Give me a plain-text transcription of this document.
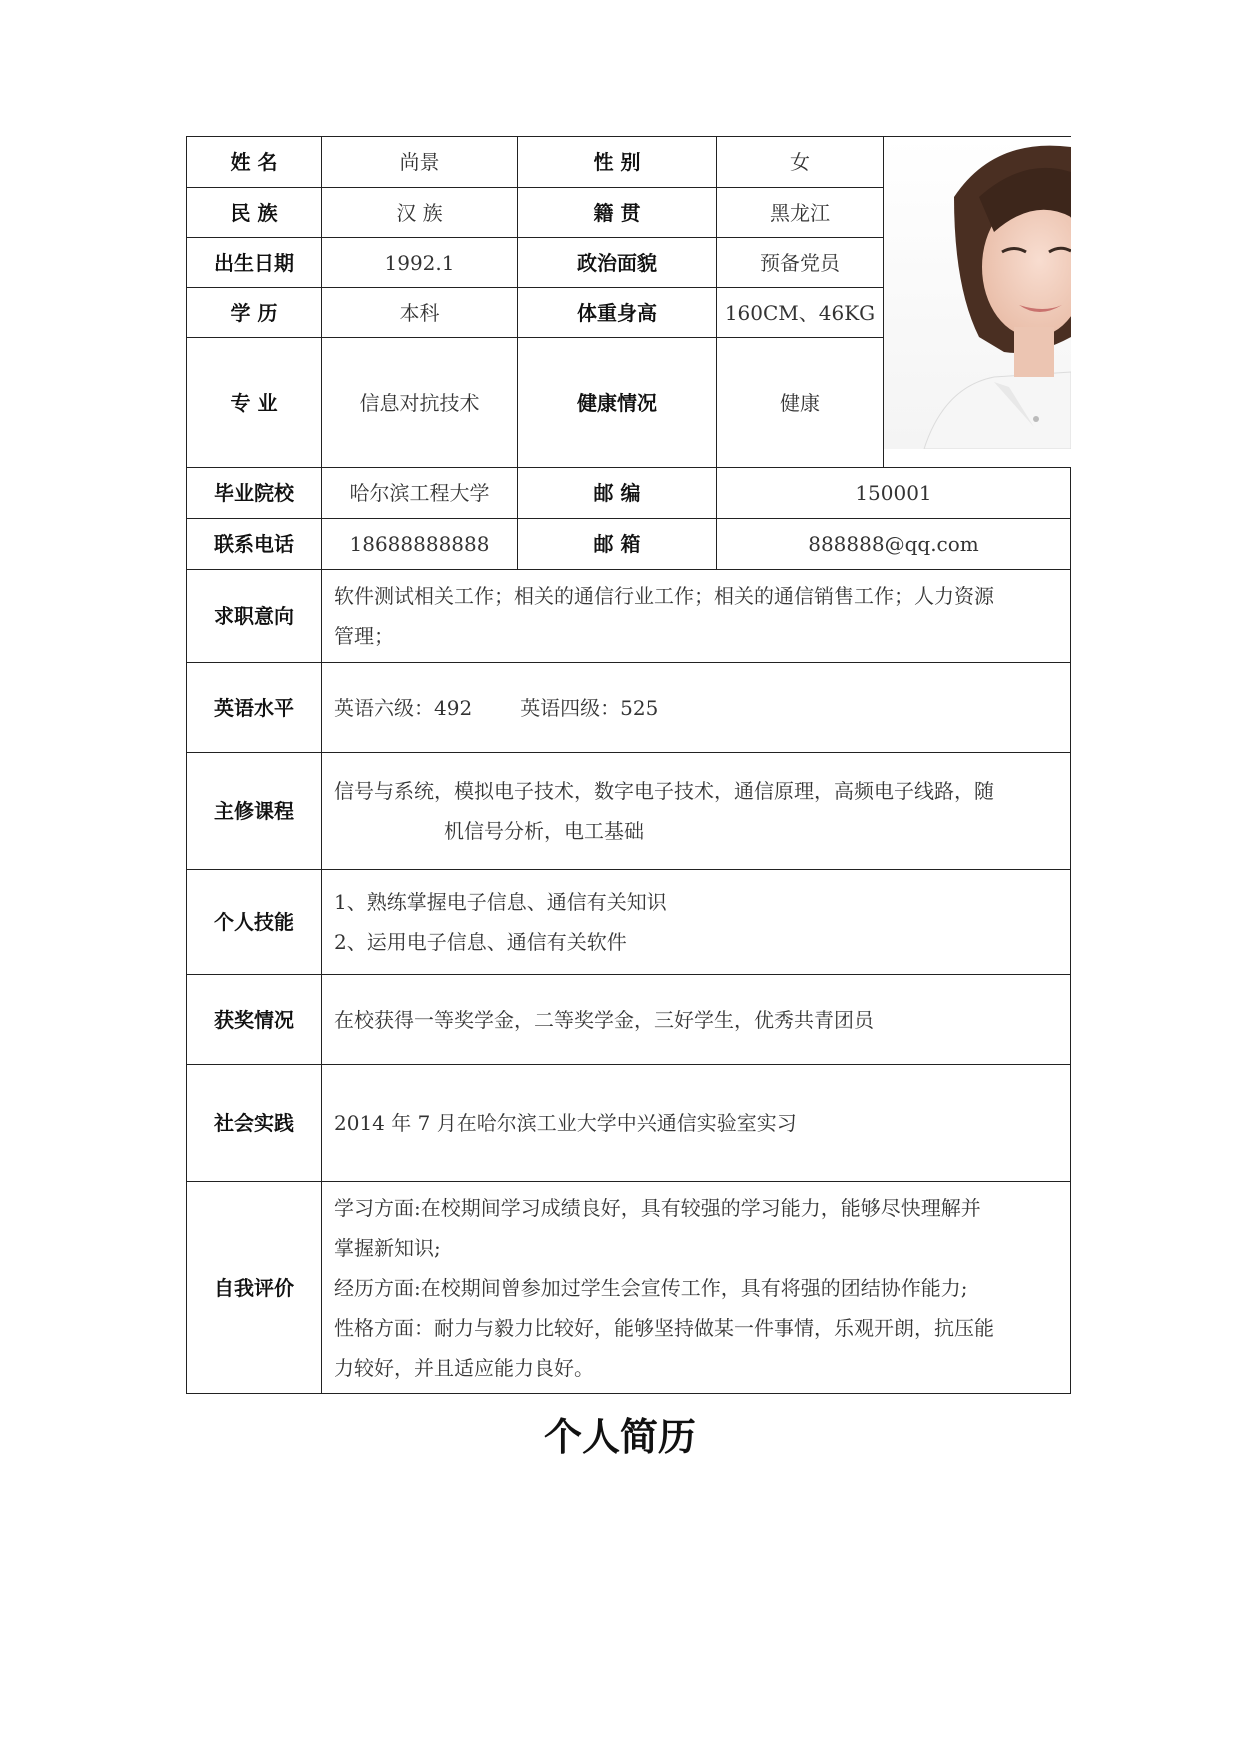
姓 名	尚景	性 别	女	

民 族	汉 族	籍 贯	黑龙江	
出生日期	1992.1	政治面貌	预备党员	
学 历	本科	体重身高	160CM、46KG	
专 业	信息对抗技术	健康情况	健康	
毕业院校	哈尔滨工程大学	邮 编	150001	
联系电话	18688888888	邮 箱	888888@qq.com	
求职意向	软件测试相关工作；相关的通信行业工作；相关的通信销售工作；人力资源

管理；			

英语水平	英语六级：492 英语四级：525			

主修课程	信号与系统，模拟电子技术，数字电子技术，通信原理，高频电子线路，随

机信号分析，电工基础			

个人技能	1、熟练掌握电子信息、通信有关知识

2、运用电子信息、通信有关软件			

获奖情况	在校获得一等奖学金，二等奖学金，三好学生，优秀共青团员			
社会实践	2014 年 7 月在哈尔滨工业大学中兴通信实验室实习			
自我评价	学习方面:在校期间学习成绩良好，具有较强的学习能力，能够尽快理解并

掌握新知识;

经历方面:在校期间曾参加过学生会宣传工作，具有将强的团结协作能力;

性格方面：耐力与毅力比较好，能够坚持做某一件事情，乐观开朗，抗压能

力较好，并且适应能力良好。			

个人简历
